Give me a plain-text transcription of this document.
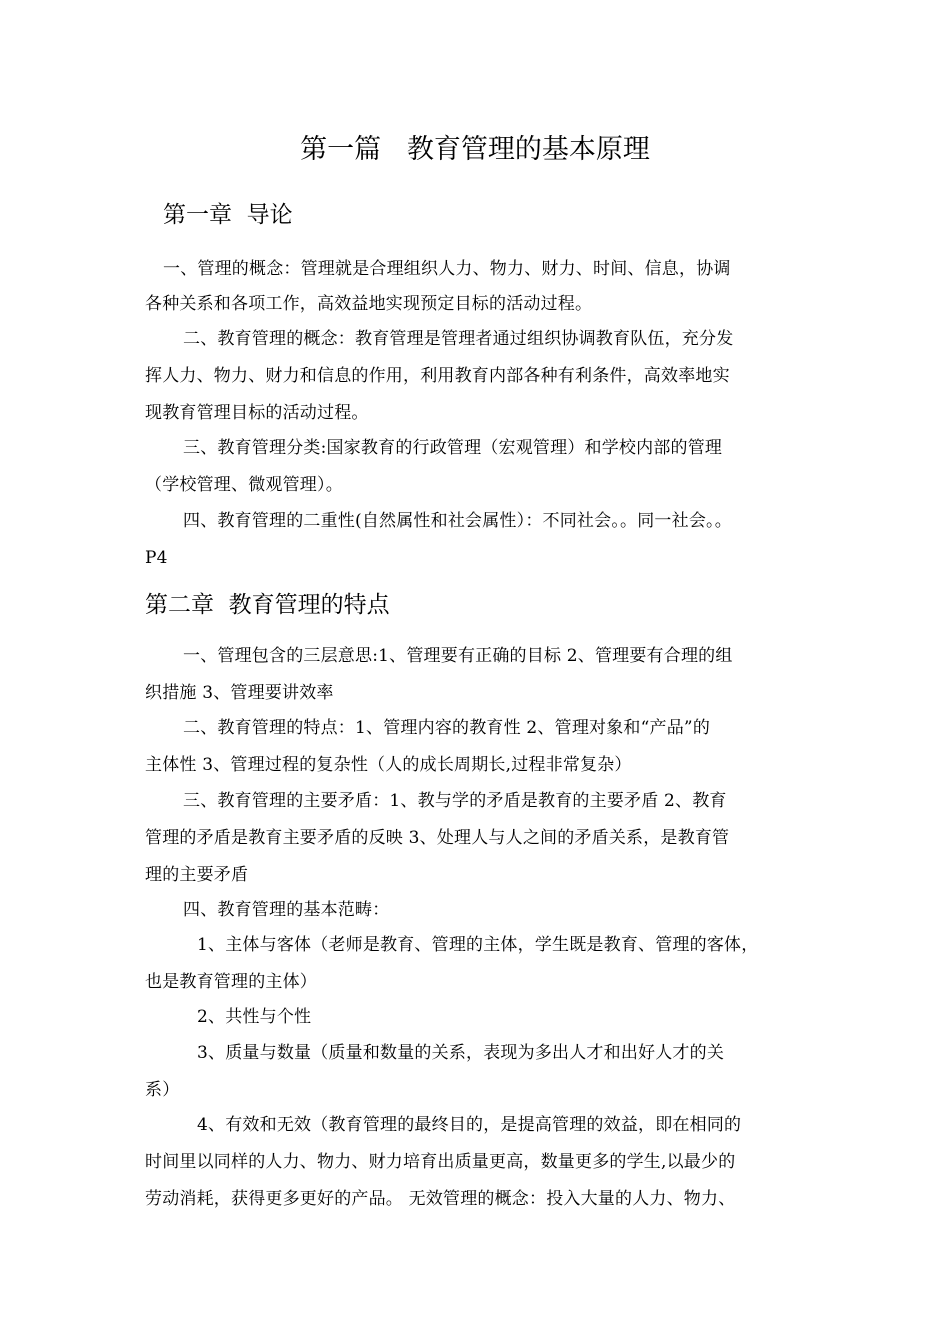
第一篇   教育管理的基本原理
第一章  导论
一、管理的概念：管理就是合理组织人力、物力、财力、时间、信息，协调
各种关系和各项工作，高效益地实现预定目标的活动过程。
二、教育管理的概念：教育管理是管理者通过组织协调教育队伍，充分发
挥人力、物力、财力和信息的作用，利用教育内部各种有利条件，高效率地实
现教育管理目标的活动过程。
三、教育管理分类:国家教育的行政管理（宏观管理）和学校内部的管理
（学校管理、微观管理）。
四、教育管理的二重性(自然属性和社会属性）：不同社会。。同一社会。。
P4
第二章  教育管理的特点
一、管理包含的三层意思:1、管理要有正确的目标 2、管理要有合理的组
织措施 3、管理要讲效率
二、教育管理的特点：1、管理内容的教育性 2、管理对象和“产品”的
主体性 3、管理过程的复杂性（人的成长周期长,过程非常复杂）
三、教育管理的主要矛盾：1、教与学的矛盾是教育的主要矛盾 2、教育
管理的矛盾是教育主要矛盾的反映 3、处理人与人之间的矛盾关系，是教育管
理的主要矛盾
四、教育管理的基本范畴：
1、主体与客体（老师是教育、管理的主体，学生既是教育、管理的客体，
也是教育管理的主体）
2、共性与个性
3、质量与数量（质量和数量的关系，表现为多出人才和出好人才的关
系）
4、有效和无效（教育管理的最终目的，是提高管理的效益，即在相同的
时间里以同样的人力、物力、财力培育出质量更高，数量更多的学生,以最少的
劳动消耗，获得更多更好的产品。 无效管理的概念：投入大量的人力、物力、
